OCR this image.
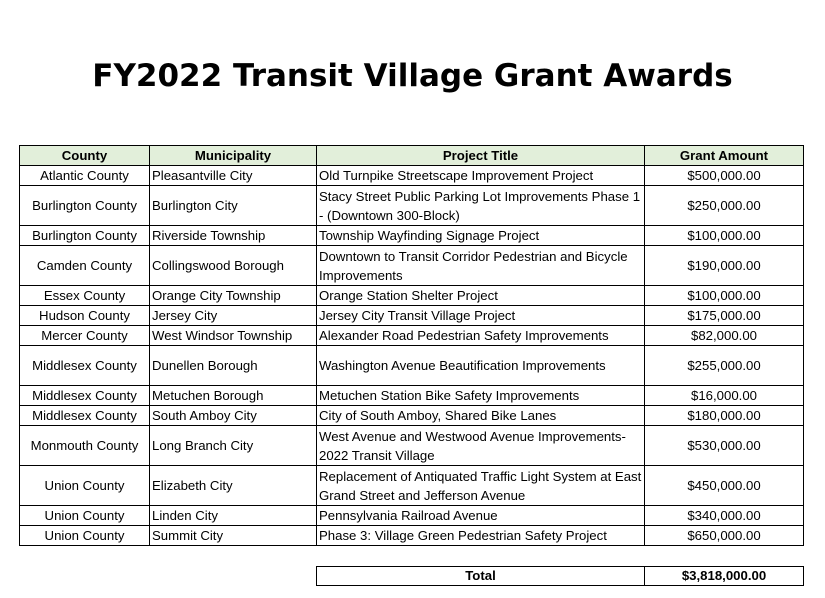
FY2022 Transit Village Grant Awards
County	Municipality	Project Title	Grant Amount
Atlantic County	Pleasantville City	Old Turnpike Streetscape Improvement Project	$500,000.00
Burlington County	Burlington City	Stacy Street Public Parking Lot Improvements Phase 1 - (Downtown 300-Block)	$250,000.00
Burlington County	Riverside Township	Township Wayfinding Signage Project	$100,000.00
Camden County	Collingswood Borough	Downtown to Transit Corridor Pedestrian and Bicycle Improvements	$190,000.00
Essex County	Orange City Township	Orange Station Shelter Project	$100,000.00
Hudson County	Jersey City	Jersey City Transit Village Project	$175,000.00
Mercer County	West Windsor Township	Alexander Road Pedestrian Safety Improvements	$82,000.00
Middlesex County	Dunellen Borough	Washington Avenue Beautification Improvements	$255,000.00
Middlesex County	Metuchen Borough	Metuchen Station Bike Safety Improvements	$16,000.00
Middlesex County	South Amboy City	City of South Amboy, Shared Bike Lanes	$180,000.00
Monmouth County	Long Branch City	West Avenue and Westwood Avenue Improvements- 2022 Transit Village	$530,000.00
Union County	Elizabeth City	Replacement of Antiquated Traffic Light System at East Grand Street and Jefferson Avenue	$450,000.00
Union County	Linden City	Pennsylvania Railroad Avenue	$340,000.00
Union County	Summit City	Phase 3: Village Green Pedestrian Safety Project	$650,000.00
Total	$3,818,000.00
